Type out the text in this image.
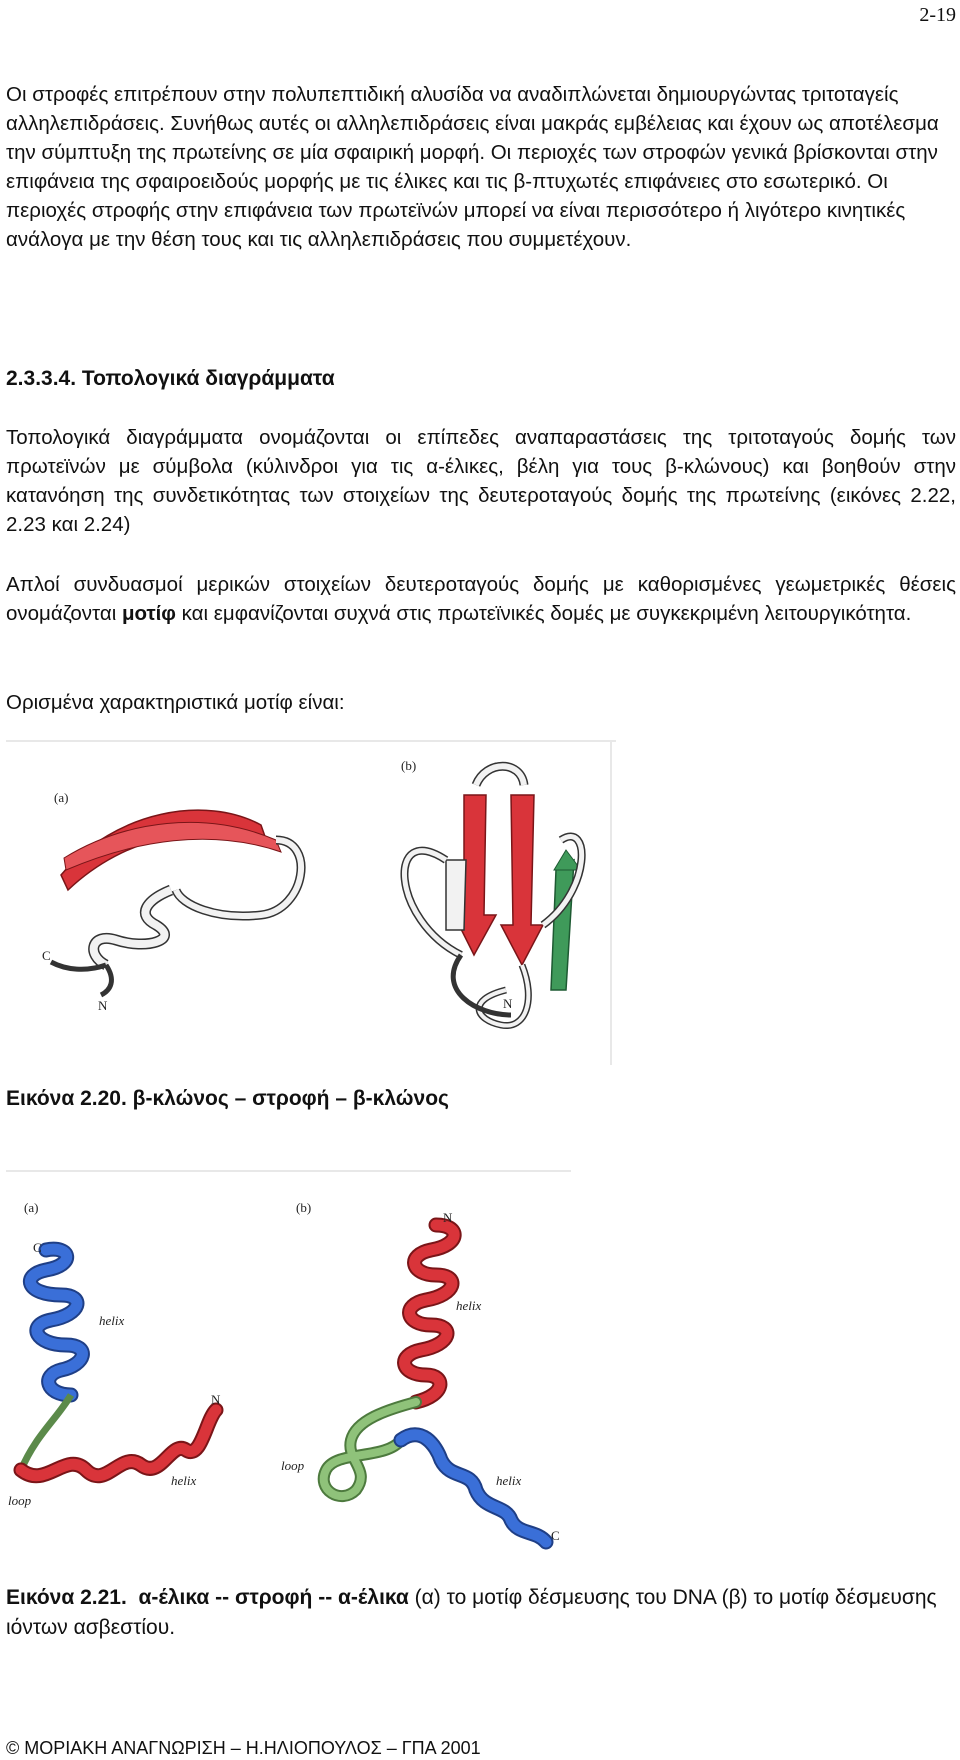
2-19

Οι στροφές επιτρέπουν στην πολυπεπτιδική αλυσίδα να αναδιπλώνεται δημιουργώντας τριτοταγείς αλληλεπιδράσεις. Συνήθως αυτές οι αλληλεπιδράσεις είναι μακράς εμβέλειας και έχουν ως αποτέλεσμα την σύμπτυξη της πρωτείνης σε μία σφαιρική μορφή. Οι περιοχές των στροφών γενικά βρίσκονται στην επιφάνεια της σφαιροειδούς μορφής με τις έλικες και τις β-πτυχωτές επιφάνειες στο εσωτερικό. Οι περιοχές στροφής στην επιφάνεια των πρωτεϊνών μπορεί να είναι περισσότερο ή λιγότερο κινητικές ανάλογα με την θέση τους και τις αλληλεπιδράσεις που συμμετέχουν.

2.3.3.4. Τοπολογικά διαγράμματα

Τοπολογικά διαγράμματα ονομάζονται οι επίπεδες αναπαραστάσεις της τριτοταγούς δομής των πρωτεϊνών με σύμβολα (κύλινδροι για τις α-έλικες, βέλη για τους β-κλώνους) και βοηθούν στην κατανόηση της συνδετικότητας των στοιχείων της δευτεροταγούς δομής της πρωτείνης (εικόνες 2.22, 2.23 και 2.24)

Απλοί συνδυασμοί μερικών στοιχείων δευτεροταγούς δομής με καθορισμένες γεωμετρικές θέσεις ονομάζονται μοτίφ και εμφανίζονται συχνά στις πρωτεϊνικές δομές με συγκεκριμένη λειτουργικότητα.

Ορισμένα χαρακτηριστικά μοτίφ είναι:

(a)
C
N
(b)
N

Εικόνα 2.20. β-κλώνος – στροφή – β-κλώνος

(a)
C
helix
N
helix
loop
(b)
N
helix
C
helix
loop

Εικόνα 2.21. α-έλικα -- στροφή -- α-έλικα (α) το μοτίφ δέσμευσης του DNA (β) το μοτίφ δέσμευσης ιόντων ασβεστίου.

© ΜΟΡΙΑΚΗ ΑΝΑΓΝΩΡΙΣΗ – Η.ΗΛΙΟΠΟΥΛΟΣ – ΓΠΑ 2001
